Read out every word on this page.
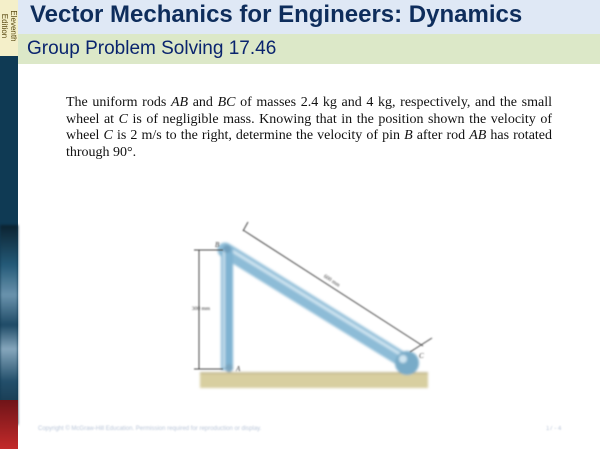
Eleventh
Edition Vector Mechanics for Engineers: Dynamics
Group Problem Solving 17.46
The uniform rods AB and BC of masses 2.4 kg and 4 kg, respectively, and the small wheel at C is of negligible mass. Knowing that in the position shown the velocity of wheel C is 2 m/s to the right, determine the velocity of pin B after rod AB has rotated through 90°.
B
A
C
300 mm
600 mm
Copyright © McGraw-Hill Education. Permission required for reproduction or display.	17 - 4
